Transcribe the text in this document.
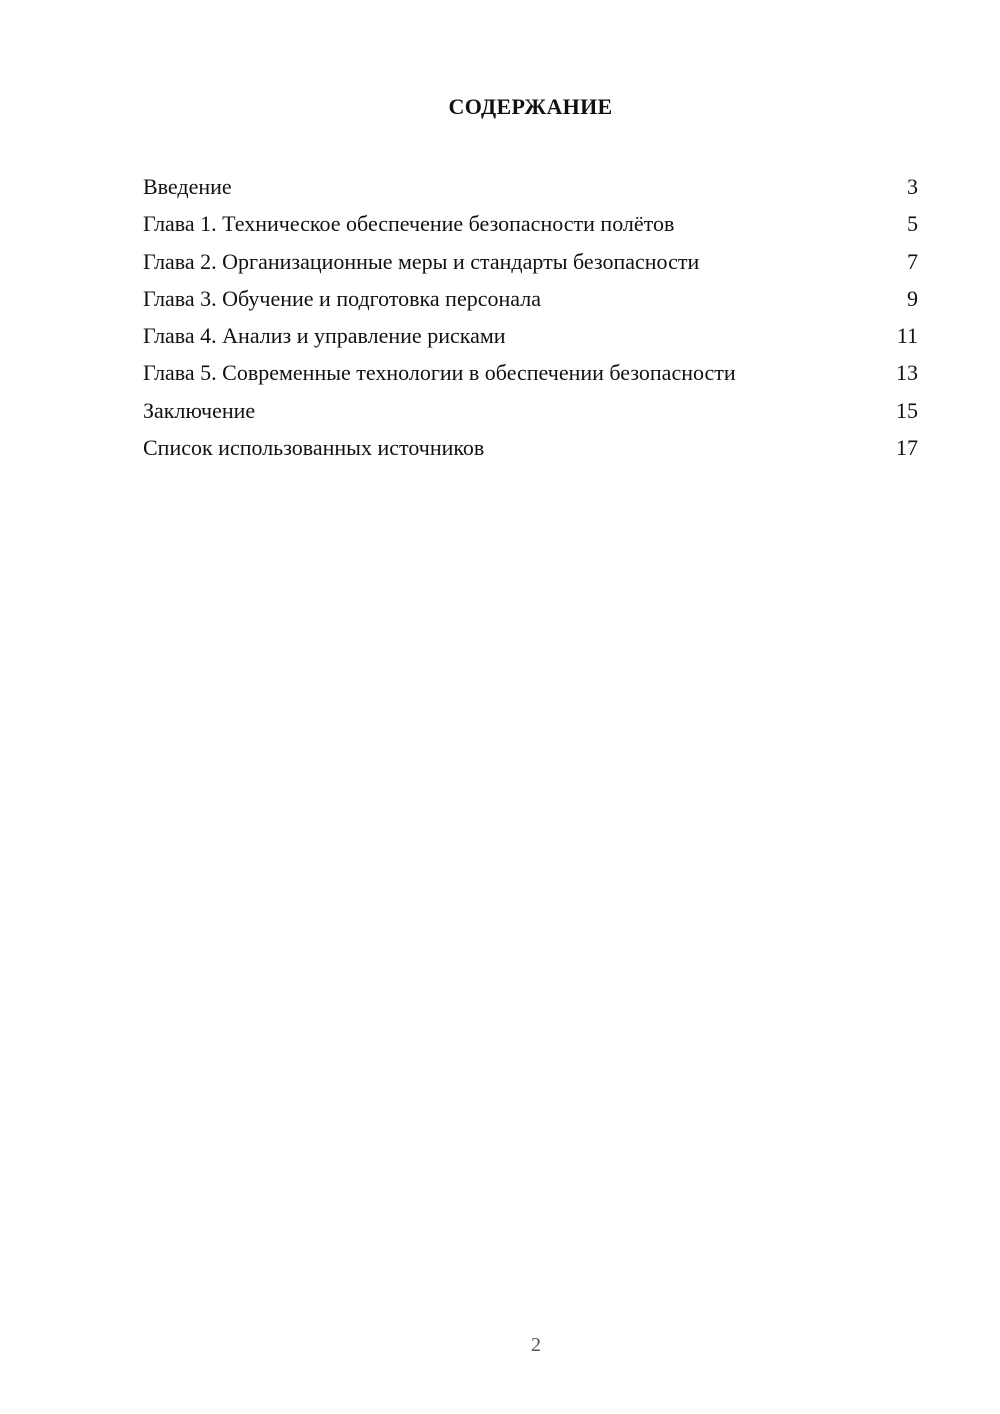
СОДЕРЖАНИЕ
Введение	3
Глава 1. Техническое обеспечение безопасности полётов	5
Глава 2. Организационные меры и стандарты безопасности	7
Глава 3. Обучение и подготовка персонала	9
Глава 4. Анализ и управление рисками	11
Глава 5. Современные технологии в обеспечении безопасности	13
Заключение	15
Список использованных источников	17
2
